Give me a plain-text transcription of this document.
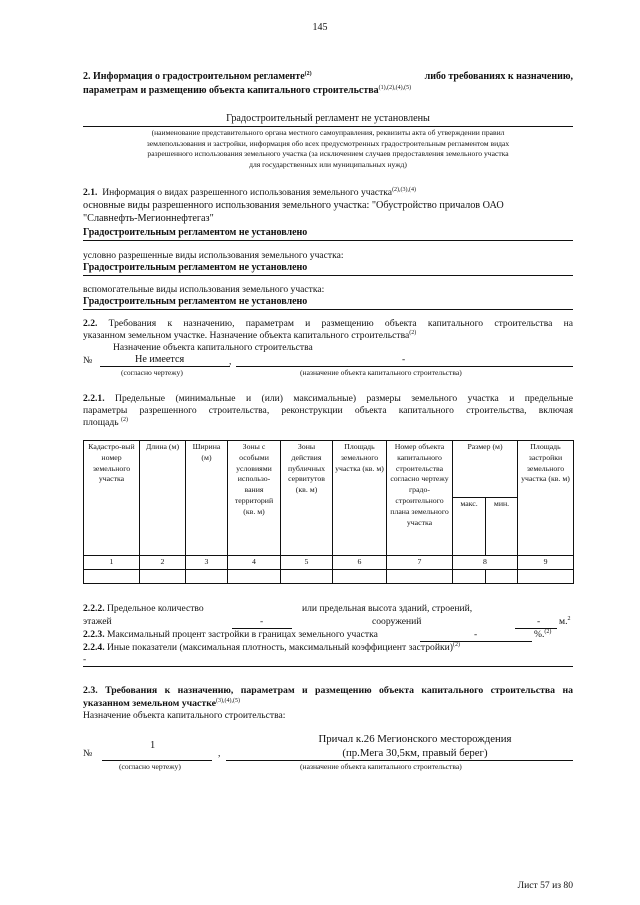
145
2. Информация о градостроительном регламенте$^{(2)}$	либо требованиях к назначению,
параметрам и размещению объекта капитального строительства$^{(1),(2),(4),(5)}$
Градостроительный регламент не установлены
(наименование представительного органа местного самоуправления, реквизиты акта об утверждении правил
землепользования и застройки, информация обо всех предусмотренных градостроительным регламентом видах
разрешенного использования земельного участка (за исключением случаев предоставления земельного участка
для государственных или муниципальных нужд)
2.1. Информация о видах разрешенного использования земельного участка$^{(2),(3),(4)}$
основные виды разрешенного использования земельного участка: "Обустройство причалов ОАО
"Славнефть-Мегионнефтегаз"
Градостроительным регламентом не установлено
условно разрешенные виды использования земельного участка:
Градостроительным регламентом не установлено
вспомогательные виды использования земельного участка:
Градостроительным регламентом не установлено
2.2. Требования к назначению, параметрам и размещению объекта капитального строительства на
указанном земельном участке. Назначение объекта капитального строительства$^{(2)}$
Назначение объекта капитального строительства
№	Не имеется	,	-
(согласно чертежу)	(назначение объекта капитального строительства)
2.2.1. Предельные (минимальные и (или) максимальные) размеры земельного участка и предельные
параметры разрешенного строительства, реконструкции объекта капитального строительства, включая
площадь $^{(2)}$
Кадастро-вый номер земельного участка	Длина (м)	Ширина (м)	Зоны с особыми условиями использо-вания территорий (кв. м)	Зоны действия публичных сервитутов (кв. м)	Площадь земельного участка (кв. м)	Номер объекта капитального строительства согласно чертежу градо-строительного плана земельного участка	Размер (м)		Площадь застройки земельного участка (кв. м)
							макс.	мин.	
1	2	3	4	5	6	7	8		9

2.2.2. Предельное количество	или предельная высота зданий, строений,
этажей	-	сооружений	- м.$^2$
2.2.3. Максимальный процент застройки в границах земельного участка	-	%.$^{(2)}$
2.2.4. Иные показатели (максимальная плотность, максимальный коэффициент застройки)$^{(2)}$
-
2.3. Требования к назначению, параметрам и размещению объекта капитального строительства на
указанном земельном участке$^{(3),(4),(5)}$
Назначение объекта капитального строительства:
Причал к.26 Мегионского месторождения
(пр.Мега 30,5км, правый берег)
№
1
,
(согласно чертежу)	(назначение объекта капитального строительства)
Лист 57 из 80
